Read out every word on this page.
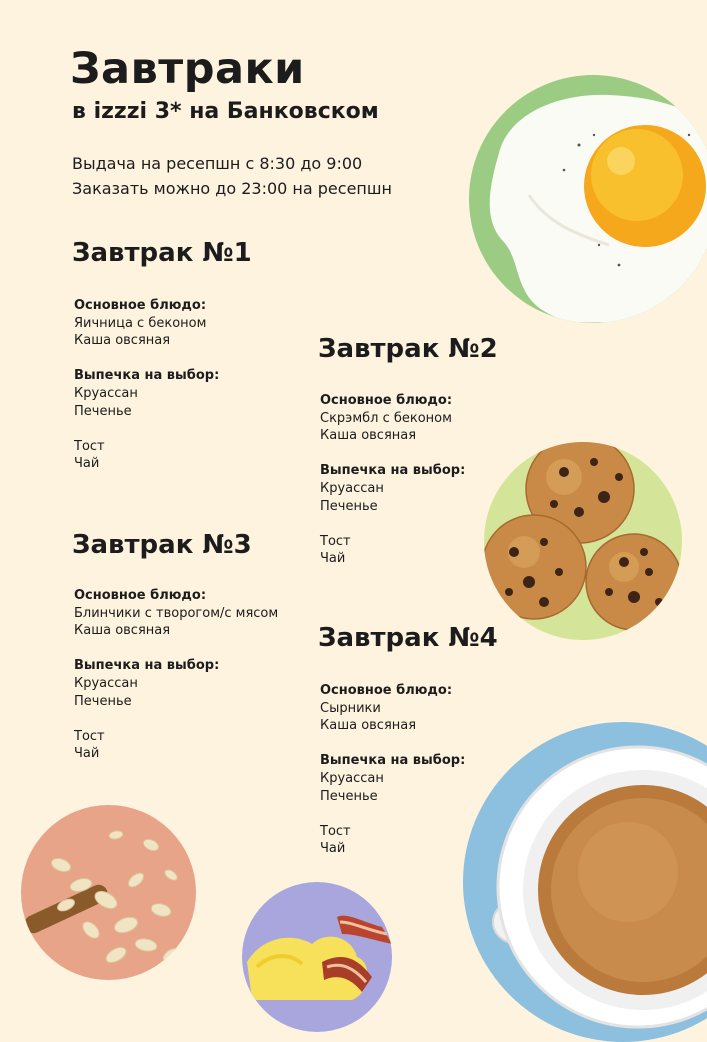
Завтраки
в izzzi 3* на Банковском
Выдача на ресепшн с 8:30 до 9:00
Заказать можно до 23:00 на ресепшн
Завтрак №1
Основное блюдо:
Яичница с беконом
Каша овсяная
Выпечка на выбор:
Круассан
Печенье
Тост
Чай
Завтрак №2
Основное блюдо:
Скрэмбл с беконом
Каша овсяная
Выпечка на выбор:
Круассан
Печенье
Тост
Чай
Завтрак №3
Основное блюдо:
Блинчики с творогом/с мясом
Каша овсяная
Выпечка на выбор:
Круассан
Печенье
Тост
Чай
Завтрак №4
Основное блюдо:
Сырники
Каша овсяная
Выпечка на выбор:
Круассан
Печенье
Тост
Чай
